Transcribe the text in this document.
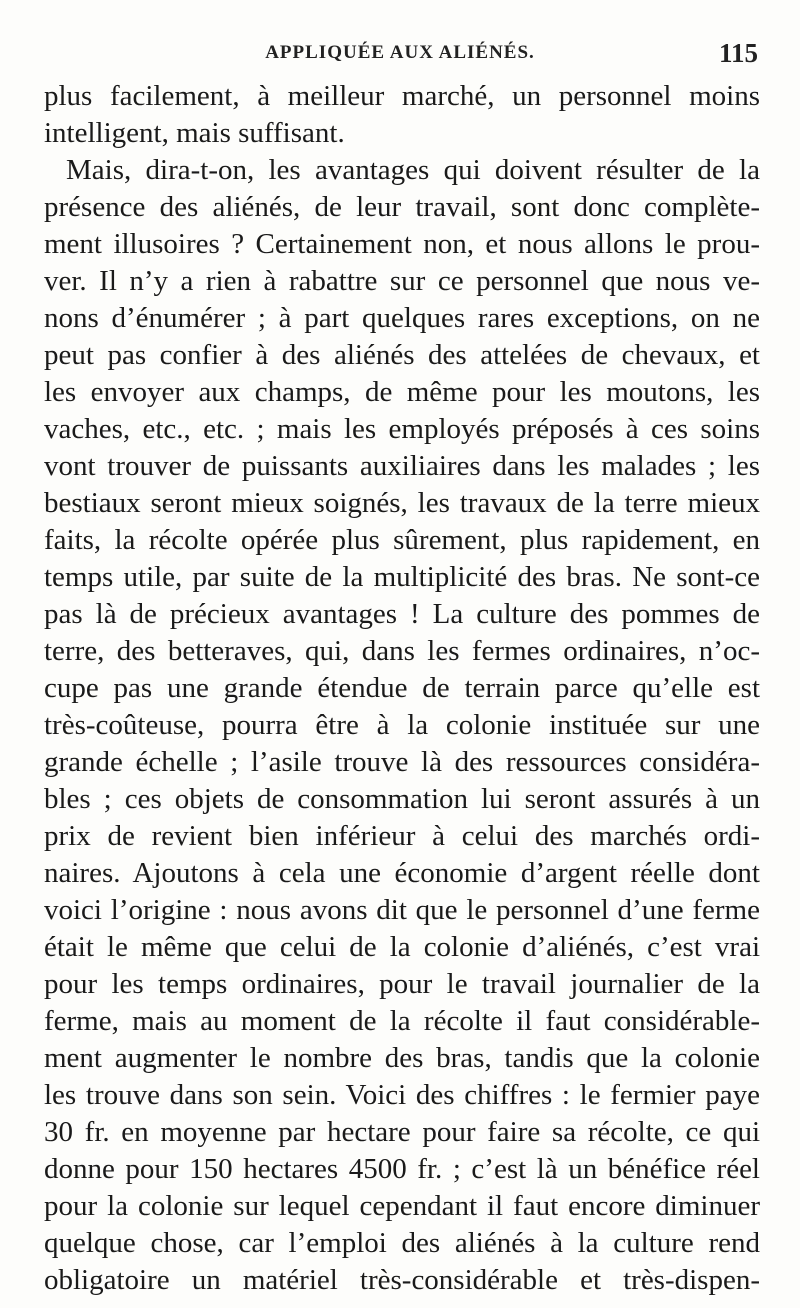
APPLIQUÉE AUX ALIÉNÉS.	115
plus facilement, à meilleur marché, un personnel moins
intelligent, mais suffisant.
Mais, dira-t-on, les avantages qui doivent résulter de la
présence des aliénés, de leur travail, sont donc complète-
ment illusoires ? Certainement non, et nous allons le prou-
ver. Il n’y a rien à rabattre sur ce personnel que nous ve-
nons d’énumérer ; à part quelques rares exceptions, on ne
peut pas confier à des aliénés des attelées de chevaux, et
les envoyer aux champs, de même pour les moutons, les
vaches, etc., etc. ; mais les employés préposés à ces soins
vont trouver de puissants auxiliaires dans les malades ; les
bestiaux seront mieux soignés, les travaux de la terre mieux
faits, la récolte opérée plus sûrement, plus rapidement, en
temps utile, par suite de la multiplicité des bras. Ne sont-ce
pas là de précieux avantages ! La culture des pommes de
terre, des betteraves, qui, dans les fermes ordinaires, n’oc-
cupe pas une grande étendue de terrain parce qu’elle est
très-coûteuse, pourra être à la colonie instituée sur une
grande échelle ; l’asile trouve là des ressources considéra-
bles ; ces objets de consommation lui seront assurés à un
prix de revient bien inférieur à celui des marchés ordi-
naires. Ajoutons à cela une économie d’argent réelle dont
voici l’origine : nous avons dit que le personnel d’une ferme
était le même que celui de la colonie d’aliénés, c’est vrai
pour les temps ordinaires, pour le travail journalier de la
ferme, mais au moment de la récolte il faut considérable-
ment augmenter le nombre des bras, tandis que la colonie
les trouve dans son sein. Voici des chiffres : le fermier paye
30 fr. en moyenne par hectare pour faire sa récolte, ce qui
donne pour 150 hectares 4500 fr. ; c’est là un bénéfice réel
pour la colonie sur lequel cependant il faut encore diminuer
quelque chose, car l’emploi des aliénés à la culture rend
obligatoire un matériel très-considérable et très-dispen-
